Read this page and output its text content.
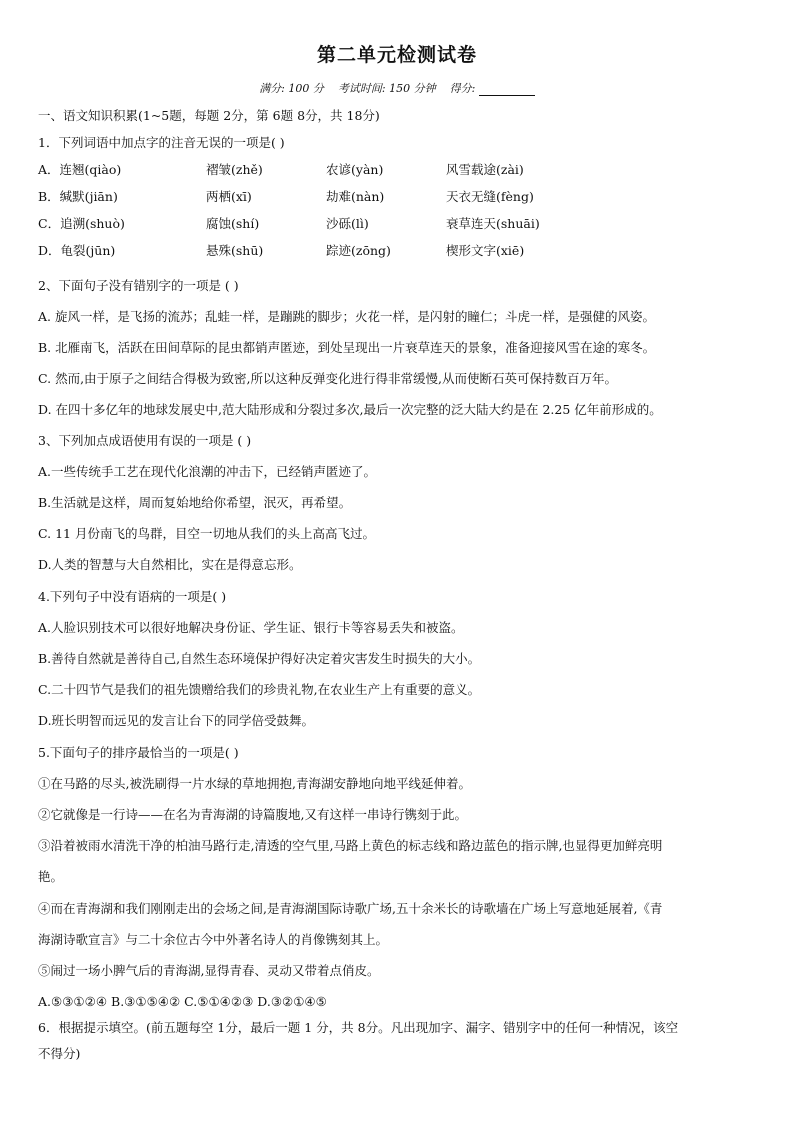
第二单元检测试卷
满分: 100 分 考试时间: 150 分钟 得分:
一、语文知识积累(1~5题，每题 2分，第 6题 8分，共 18分)
1．下列词语中加点字的注音无误的一项是( )
A．连翘(qiào)	褶皱(zhě)	农谚(yàn)	风雪载途(zài)
B．缄默(jiān)	两栖(xī)	劫难(nàn)	天衣无缝(fèng)
C．追溯(shuò)	腐蚀(shí)	沙砾(lì)	衰草连天(shuāi)
D．龟裂(jūn)	悬殊(shū)	踪迹(zōng)	楔形文字(xiē)
2、下面句子没有错别字的一项是 ( )
A. 旋风一样，是飞扬的流苏；乱蛙一样，是蹦跳的脚步；火花一样，是闪射的瞳仁；斗虎一样，是强健的风姿。
B. 北雁南飞，活跃在田间草际的昆虫都销声匿迹，到处呈现出一片衰草连天的景象，准备迎接风雪在途的寒冬。
C. 然而,由于原子之间结合得极为致密,所以这种反弹变化进行得非常缓慢,从而使断石英可保持数百万年。
D. 在四十多亿年的地球发展史中,范大陆形成和分裂过多次,最后一次完整的泛大陆大约是在 2.25 亿年前形成的。
3、下列加点成语使用有误的一项是 ( )
A.一些传统手工艺在现代化浪潮的冲击下，已经销声匿迹了。
B.生活就是这样，周而复始地给你希望，泯灭，再希望。
C. 11 月份南飞的鸟群，目空一切地从我们的头上高高飞过。
D.人类的智慧与大自然相比，实在是得意忘形。
4.下列句子中没有语病的一项是( )
A.人脸识别技术可以很好地解决身份证、学生证、银行卡等容易丢失和被盗。
B.善待自然就是善待自己,自然生态环境保护得好决定着灾害发生时损失的大小。
C.二十四节气是我们的祖先馈赠给我们的珍贵礼物,在农业生产上有重要的意义。
D.班长明智而远见的发言让台下的同学倍受鼓舞。
5.下面句子的排序最恰当的一项是( )
①在马路的尽头,被洗刷得一片水绿的草地拥抱,青海湖安静地向地平线延伸着。
②它就像是一行诗——在名为青海湖的诗篇腹地,又有这样一串诗行镌刻于此。
③沿着被雨水清洗干净的柏油马路行走,清透的空气里,马路上黄色的标志线和路边蓝色的指示牌,也显得更加鲜亮明
艳。
④而在青海湖和我们刚刚走出的会场之间,是青海湖国际诗歌广场,五十余米长的诗歌墙在广场上写意地延展着,《青
海湖诗歌宣言》与二十余位古今中外著名诗人的肖像镌刻其上。
⑤闹过一场小脾气后的青海湖,显得青春、灵动又带着点俏皮。
A.⑤③①②④ B.③①⑤④② C.⑤①④②③ D.③②①④⑤
6．根据提示填空。(前五题每空 1分，最后一题 1 分，共 8分。凡出现加字、漏字、错别字中的任何一种情况，该空
不得分)
